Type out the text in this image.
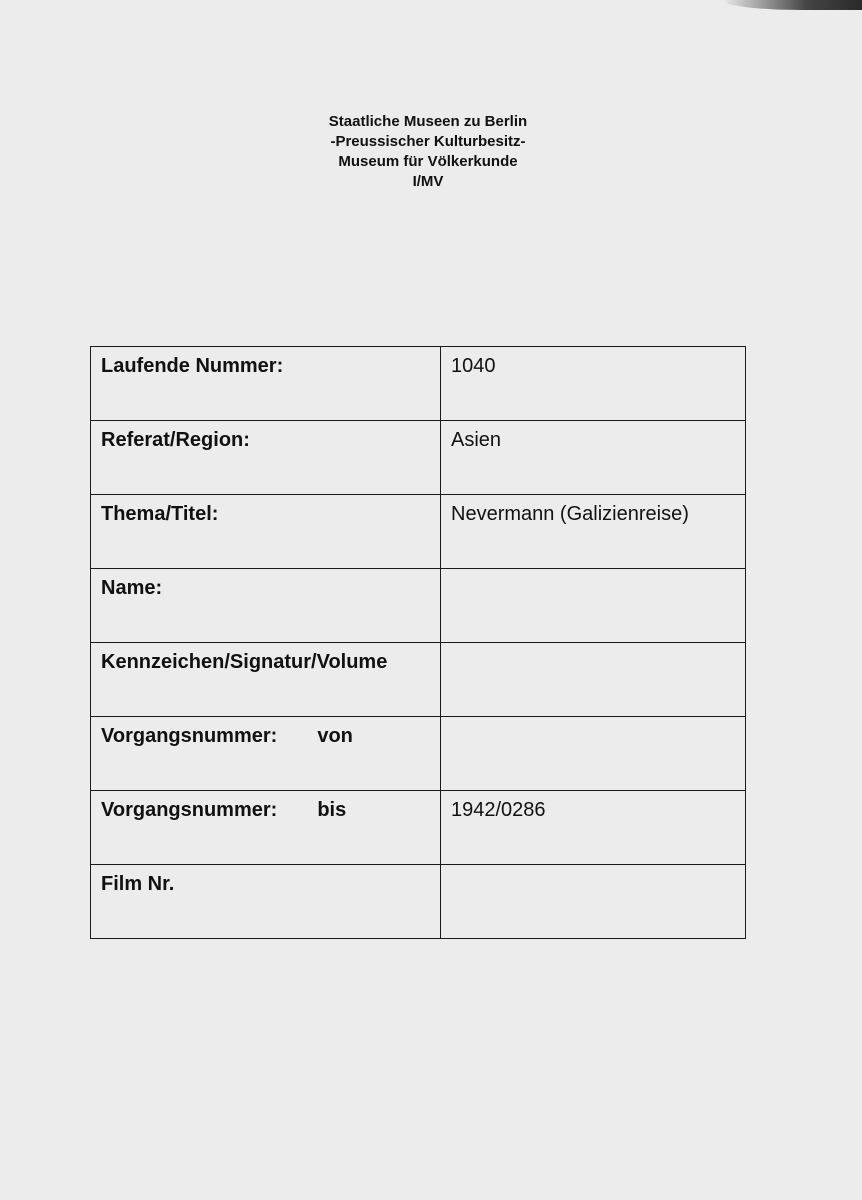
Staatliche Museen zu Berlin
-Preussischer Kulturbesitz-
Museum für Völkerkunde
I/MV
Laufende Nummer:	1040
Referat/Region:	Asien
Thema/Titel:	Nevermann (Galizienreise)
Name:	
Kennzeichen/Signatur/Volume	
Vorgangsnummer: von	
Vorgangsnummer: bis	1942/0286
Film Nr.	
